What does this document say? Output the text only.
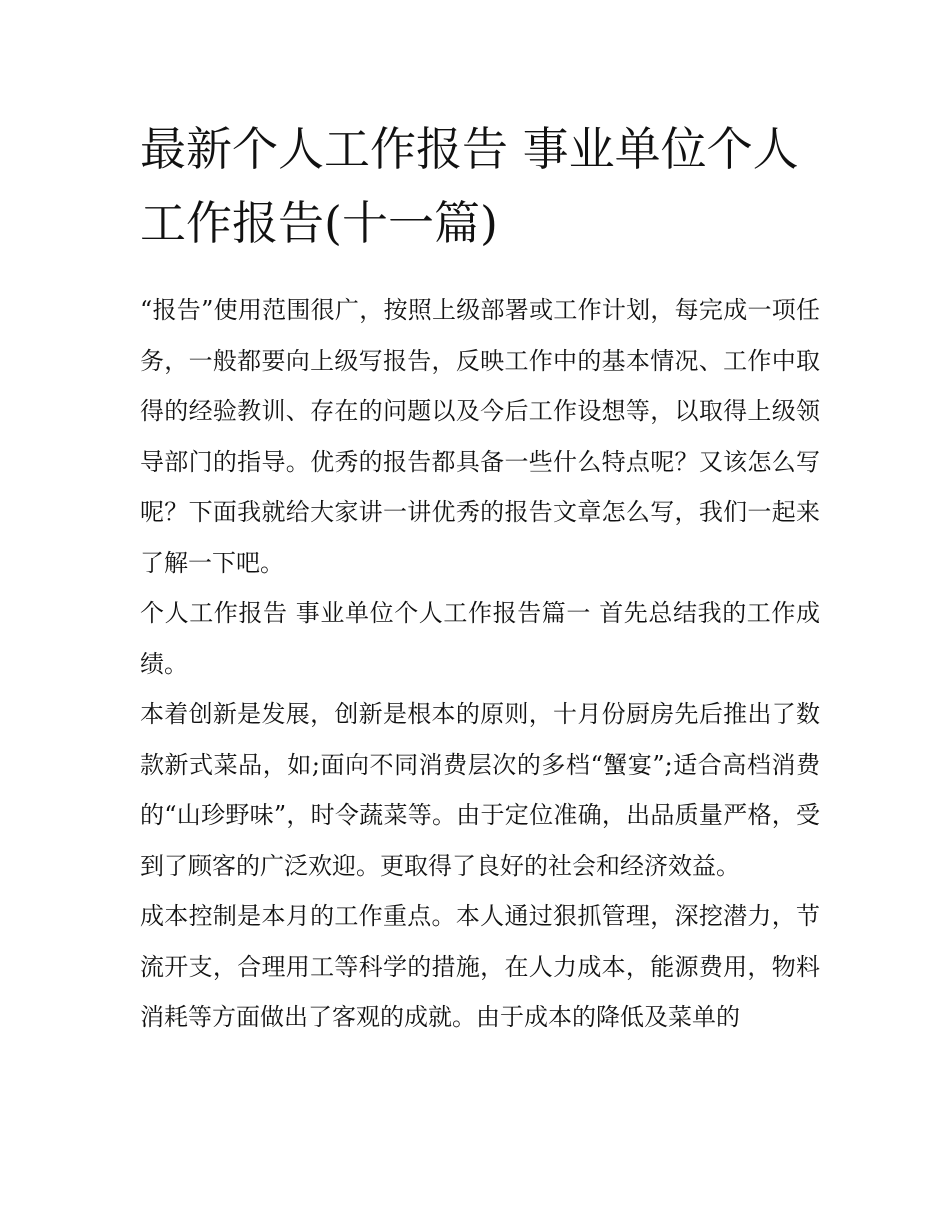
最新个人工作报告 事业单位个人工作报告(十一篇)

“报告”使用范围很广，按照上级部署或工作计划，每完成一项任务，一般都要向上级写报告，反映工作中的基本情况、工作中取得的经验教训、存在的问题以及今后工作设想等，以取得上级领导部门的指导。优秀的报告都具备一些什么特点呢？又该怎么写呢？下面我就给大家讲一讲优秀的报告文章怎么写，我们一起来了解一下吧。

个人工作报告 事业单位个人工作报告篇一 首先总结我的工作成绩。

本着创新是发展，创新是根本的原则，十月份厨房先后推出了数款新式菜品，如;面向不同消费层次的多档“蟹宴”;适合高档消费的“山珍野味”，时令蔬菜等。由于定位准确，出品质量严格，受到了顾客的广泛欢迎。更取得了良好的社会和经济效益。

成本控制是本月的工作重点。本人通过狠抓管理，深挖潜力，节流开支，合理用工等科学的措施，在人力成本，能源费用，物料消耗等方面做出了客观的成就。由于成本的降低及菜单的
